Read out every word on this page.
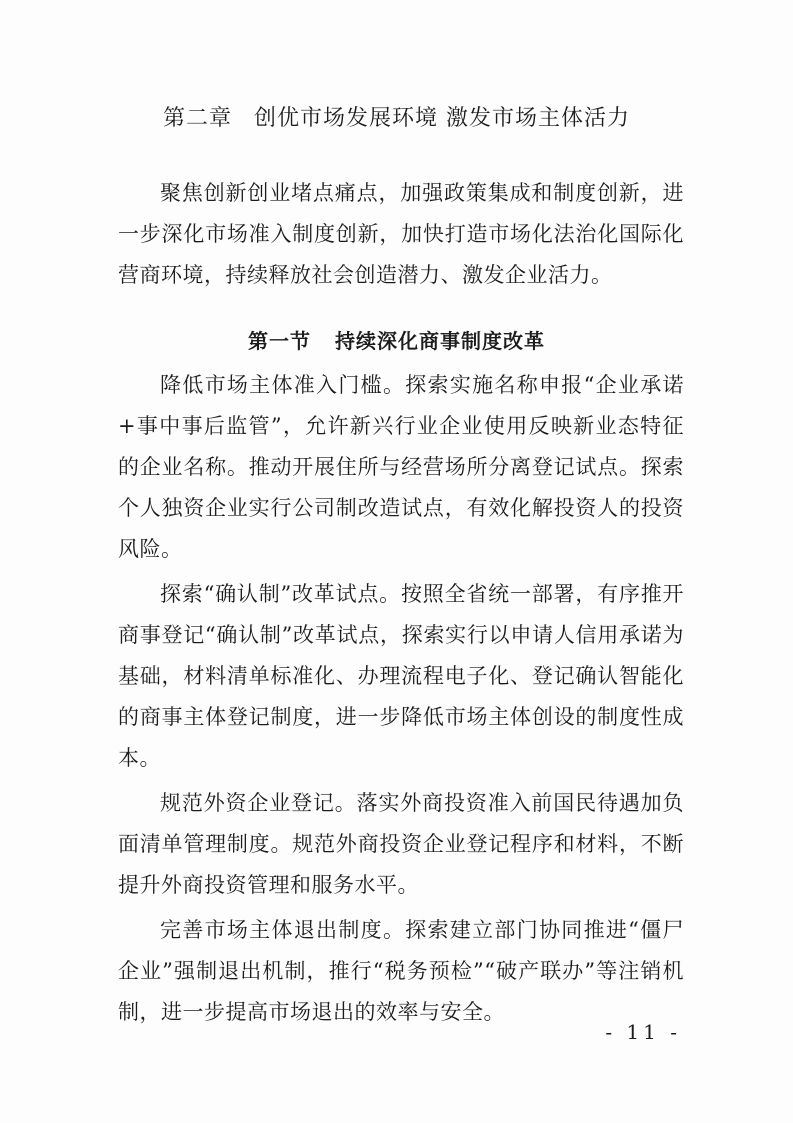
第二章 创优市场发展环境 激发市场主体活力

聚焦创新创业堵点痛点，加强政策集成和制度创新，进一步深化市场准入制度创新，加快打造市场化法治化国际化营商环境，持续释放社会创造潜力、激发企业活力。

第一节 持续深化商事制度改革

降低市场主体准入门槛。探索实施名称申报“企业承诺+事中事后监管”，允许新兴行业企业使用反映新业态特征的企业名称。推动开展住所与经营场所分离登记试点。探索个人独资企业实行公司制改造试点，有效化解投资人的投资风险。

探索“确认制”改革试点。按照全省统一部署，有序推开商事登记“确认制”改革试点，探索实行以申请人信用承诺为基础，材料清单标准化、办理流程电子化、登记确认智能化的商事主体登记制度，进一步降低市场主体创设的制度性成本。

规范外资企业登记。落实外商投资准入前国民待遇加负面清单管理制度。规范外商投资企业登记程序和材料，不断提升外商投资管理和服务水平。

完善市场主体退出制度。探索建立部门协同推进“僵尸企业”强制退出机制，推行“税务预检”“破产联办”等注销机制，进一步提高市场退出的效率与安全。

- 11 -
